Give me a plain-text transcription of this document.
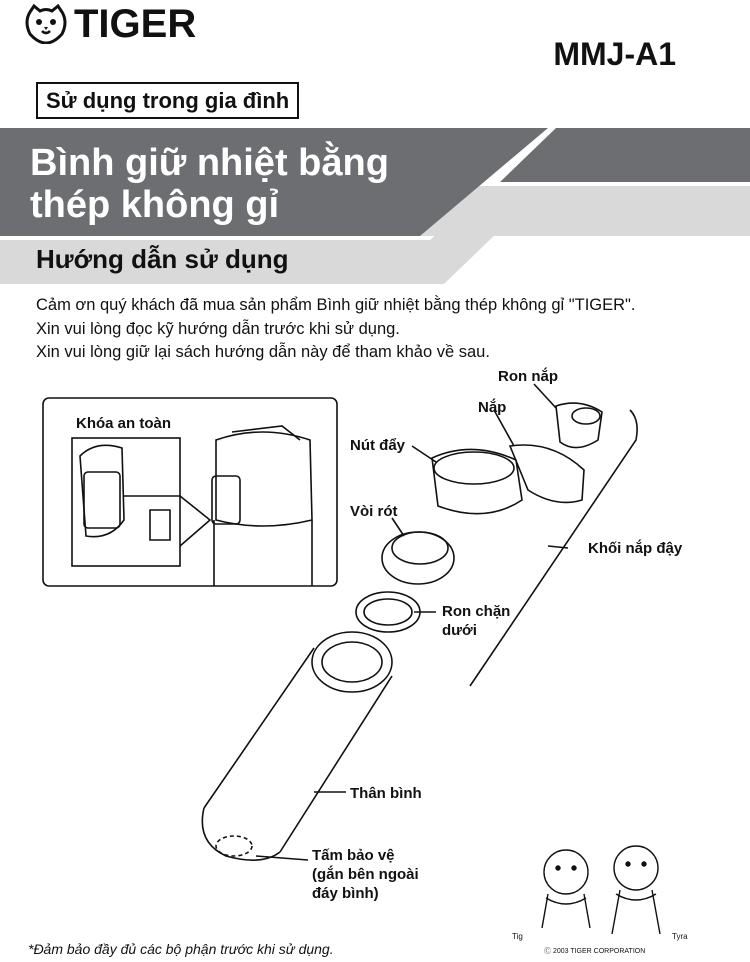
TIGER
MMJ-A1
Sử dụng trong gia đình
Bình giữ nhiệt bằng
thép không gỉ
Hướng dẫn sử dụng
Cảm ơn quý khách đã mua sản phẩm Bình giữ nhiệt bằng thép không gỉ "TIGER".
Xin vui lòng đọc kỹ hướng dẫn trước khi sử dụng.
Xin vui lòng giữ lại sách hướng dẫn này để tham khảo về sau.
Khóa an toàn
Ron nắp
Nắp
Nút đẩy
Vòi rót
Khối nắp đậy
Ron chặn
dưới
Thân bình
Tấm bảo vệ
(gắn bên ngoài
đáy bình)
Tig	Tyra
Ⓒ 2003 TIGER CORPORATION
*Đảm bảo đầy đủ các bộ phận trước khi sử dụng.
